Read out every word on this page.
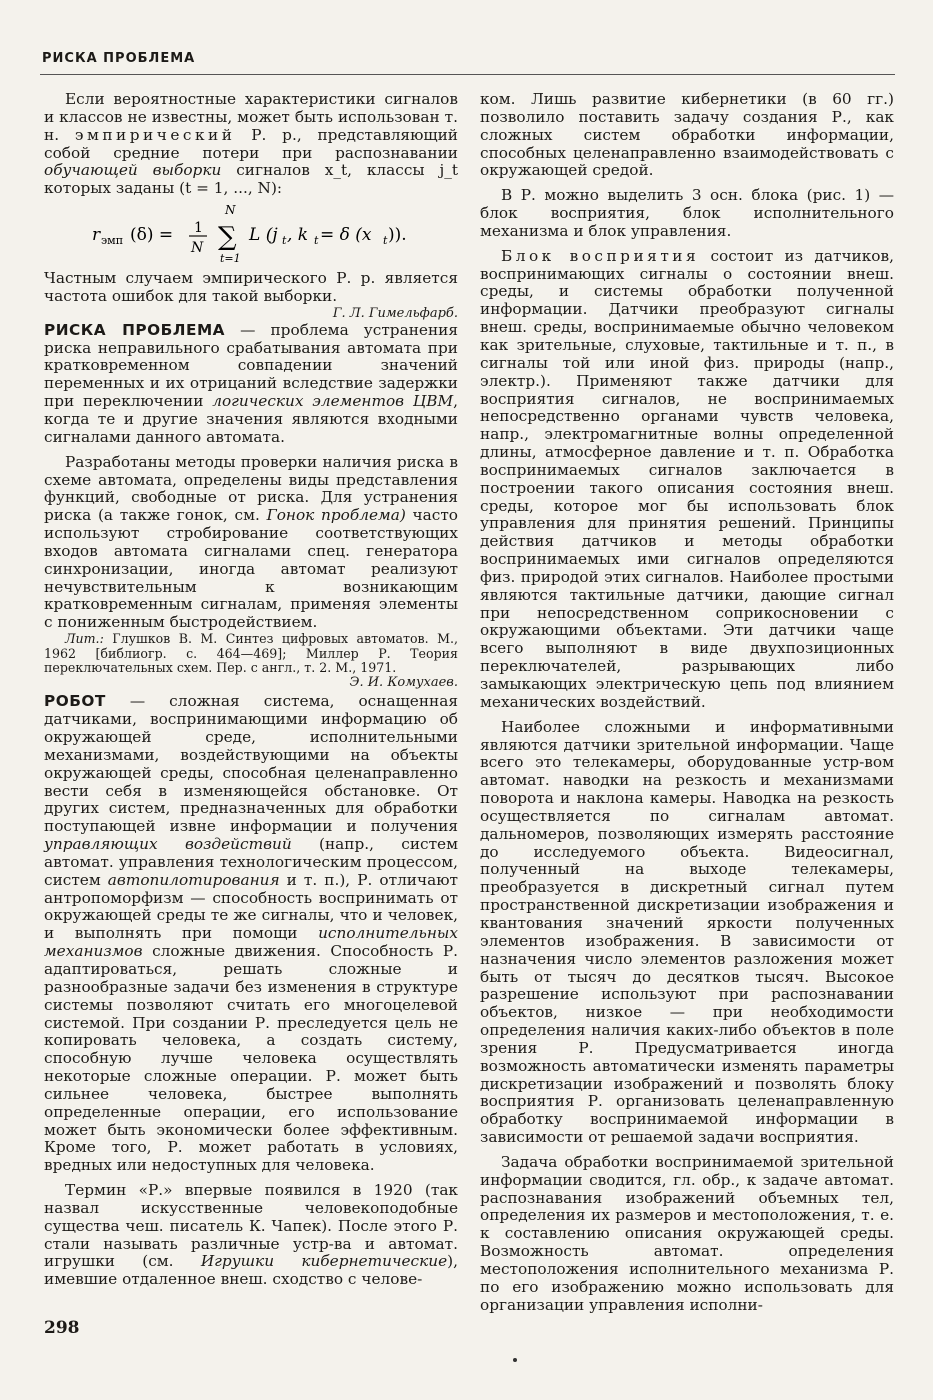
РИСКА ПРОБЛЕМА

Если вероятностные характеристики сигналов и классов не известны, может быть использован т. н. эмпирический Р. р., представляющий собой средние потери при распознавании обучающей выборки сигналов x_t, классы j_t которых заданы (t = 1, ..., N):

r эмп (δ) = 1
N
N
∑
t=1
L (j t , k t = δ (x t )).

Частным случаем эмпирического Р. р. является частота ошибок для такой выборки.

Г. Л. Гимельфарб.

РИСКА ПРОБЛЕМА — проблема устранения риска неправильного срабатывания автомата при кратковременном совпадении значений переменных и их отрицаний вследствие задержки при переключении логических элементов ЦВМ, когда те и другие значения являются входными сигналами данного автомата.

Разработаны методы проверки наличия риска в схеме автомата, определены виды представления функций, свободные от риска. Для устранения риска (а также гонок, см. Гонок проблема) часто используют стробирование соответствующих входов автомата сигналами спец. генератора синхронизации, иногда автомат реализуют нечувствительным к возникающим кратковременным сигналам, применяя элементы с пониженным быстродействием.

Лит.: Глушков В. М. Синтез цифровых автоматов. М., 1962 [библиогр. с. 464—469]; Миллер Р. Теория переключательных схем. Пер. с англ., т. 2. М., 1971.

Э. И. Комухаев.

РОБОТ — сложная система, оснащенная датчиками, воспринимающими информацию об окружающей среде, исполнительными механизмами, воздействующими на объекты окружающей среды, способная целенаправленно вести себя в изменяющейся обстановке. От других систем, предназначенных для обработки поступающей извне информации и получения управляющих воздействий (напр., систем автомат. управления технологическим процессом, систем автопилотирования и т. п.), Р. отличают антропоморфизм — способность воспринимать от окружающей среды те же сигналы, что и человек, и выполнять при помощи исполнительных механизмов сложные движения. Способность Р. адаптироваться, решать сложные и разнообразные задачи без изменения в структуре системы позволяют считать его многоцелевой системой. При создании Р. преследуется цель не копировать человека, а создать систему, способную лучше человека осуществлять некоторые сложные операции. Р. может быть сильнее человека, быстрее выполнять определенные операции, его использование может быть экономически более эффективным. Кроме того, Р. может работать в условиях, вредных или недоступных для человека.

Термин «Р.» впервые появился в 1920 (так назвал искусственные человекоподобные существа чеш. писатель К. Чапек). После этого Р. стали называть различные устр-ва и автомат. игрушки (см. Игрушки кибернетические), имевшие отдаленное внеш. сходство с челове-

ком. Лишь развитие кибернетики (в 60 гг.) позволило поставить задачу создания Р., как сложных систем обработки информации, способных целенаправленно взаимодействовать с окружающей средой.

В Р. можно выделить 3 осн. блока (рис. 1) — блок восприятия, блок исполнительного механизма и блок управления.

Блок восприятия состоит из датчиков, воспринимающих сигналы о состоянии внеш. среды, и системы обработки полученной информации. Датчики преобразуют сигналы внеш. среды, воспринимаемые обычно человеком как зрительные, слуховые, тактильные и т. п., в сигналы той или иной физ. природы (напр., электр.). Применяют также датчики для восприятия сигналов, не воспринимаемых непосредственно органами чувств человека, напр., электромагнитные волны определенной длины, атмосферное давление и т. п. Обработка воспринимаемых сигналов заключается в построении такого описания состояния внеш. среды, которое мог бы использовать блок управления для принятия решений. Принципы действия датчиков и методы обработки воспринимаемых ими сигналов определяются физ. природой этих сигналов. Наиболее простыми являются тактильные датчики, дающие сигнал при непосредственном соприкосновении с окружающими объектами. Эти датчики чаще всего выполняют в виде двухпозиционных переключателей, разрывающих либо замыкающих электрическую цепь под влиянием механических воздействий.

Наиболее сложными и информативными являются датчики зрительной информации. Чаще всего это телекамеры, оборудованные устр-вом автомат. наводки на резкость и механизмами поворота и наклона камеры. Наводка на резкость осуществляется по сигналам автомат. дальномеров, позволяющих измерять расстояние до исследуемого объекта. Видеосигнал, полученный на выходе телекамеры, преобразуется в дискретный сигнал путем пространственной дискретизации изображения и квантования значений яркости полученных элементов изображения. В зависимости от назначения число элементов разложения может быть от тысяч до десятков тысяч. Высокое разрешение используют при распознавании объектов, низкое — при необходимости определения наличия каких-либо объектов в поле зрения Р. Предусматривается иногда возможность автоматически изменять параметры дискретизации изображений и позволять блоку восприятия Р. организовать целенаправленную обработку воспринимаемой информации в зависимости от решаемой задачи восприятия.

Задача обработки воспринимаемой зрительной информации сводится, гл. обр., к задаче автомат. распознавания изображений объемных тел, определения их размеров и местоположения, т. е. к составлению описания окружающей среды. Возможность автомат. определения местоположения исполнительного механизма Р. по его изображению можно использовать для организации управления исполни-

298
